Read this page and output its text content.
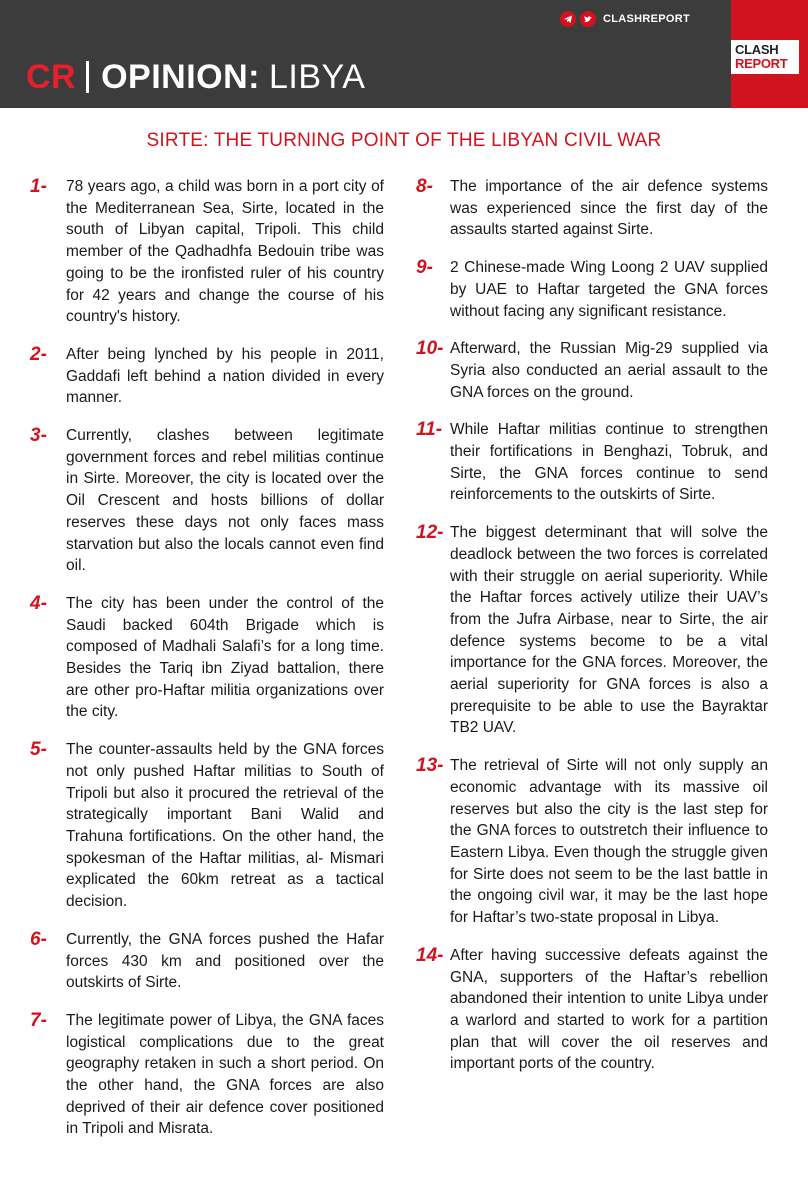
CLASHREPORT
CR OPINION: LIBYA
CLASH
REPORT
SIRTE: THE TURNING POINT OF THE LIBYAN CIVIL WAR
1- 78 years ago, a child was born in a port city of the Mediterranean Sea, Sirte, located in the south of Libyan capital, Tripoli. This child member of the Qadhadhfa Bedouin tribe was going to be the ironfisted ruler of his country for 42 years and change the course of his country's history.
2- After being lynched by his people in 2011, Gaddafi left behind a nation divided in every manner.
3- Currently, clashes between legitimate government forces and rebel militias continue in Sirte. Moreover, the city is located over the Oil Crescent and hosts billions of dollar reserves these days not only faces mass starvation but also the locals cannot even find oil.
4- The city has been under the control of the Saudi backed 604th Brigade which is composed of Madhali Salafi’s for a long time. Besides the Tariq ibn Ziyad battalion, there are other pro-Haftar militia organizations over the city.
5- The counter-assaults held by the GNA forces not only pushed Haftar militias to South of Tripoli but also it procured the retrieval of the strategically important Bani Walid and Trahuna fortifications. On the other hand, the spokesman of the Haftar militias, al- Mismari explicated the 60km retreat as a tactical decision.
6- Currently, the GNA forces pushed the Hafar forces 430 km and positioned over the outskirts of Sirte.
7- The legitimate power of Libya, the GNA faces logistical complications due to the great geography retaken in such a short period. On the other hand, the GNA forces are also deprived of their air defence cover positioned in Tripoli and Misrata.
8- The importance of the air defence systems was experienced since the first day of the assaults started against Sirte.
9- 2 Chinese-made Wing Loong 2 UAV supplied by UAE to Haftar targeted the GNA forces without facing any significant resistance.
10- Afterward, the Russian Mig-29 supplied via Syria also conducted an aerial assault to the GNA forces on the ground.
11- While Haftar militias continue to strengthen their fortifications in Benghazi, Tobruk, and Sirte, the GNA forces continue to send reinforcements to the outskirts of Sirte.
12- The biggest determinant that will solve the deadlock between the two forces is correlated with their struggle on aerial superiority. While the Haftar forces actively utilize their UAV’s from the Jufra Airbase, near to Sirte, the air defence systems become to be a vital importance for the GNA forces. Moreover, the aerial superiority for GNA forces is also a prerequisite to be able to use the Bayraktar TB2 UAV.
13- The retrieval of Sirte will not only supply an economic advantage with its massive oil reserves but also the city is the last step for the GNA forces to outstretch their influence to Eastern Libya. Even though the struggle given for Sirte does not seem to be the last battle in the ongoing civil war, it may be the last hope for Haftar’s two-state proposal in Libya.
14- After having successive defeats against the GNA, supporters of the Haftar’s rebellion abandoned their intention to unite Libya under a warlord and started to work for a partition plan that will cover the oil reserves and important ports of the country.
